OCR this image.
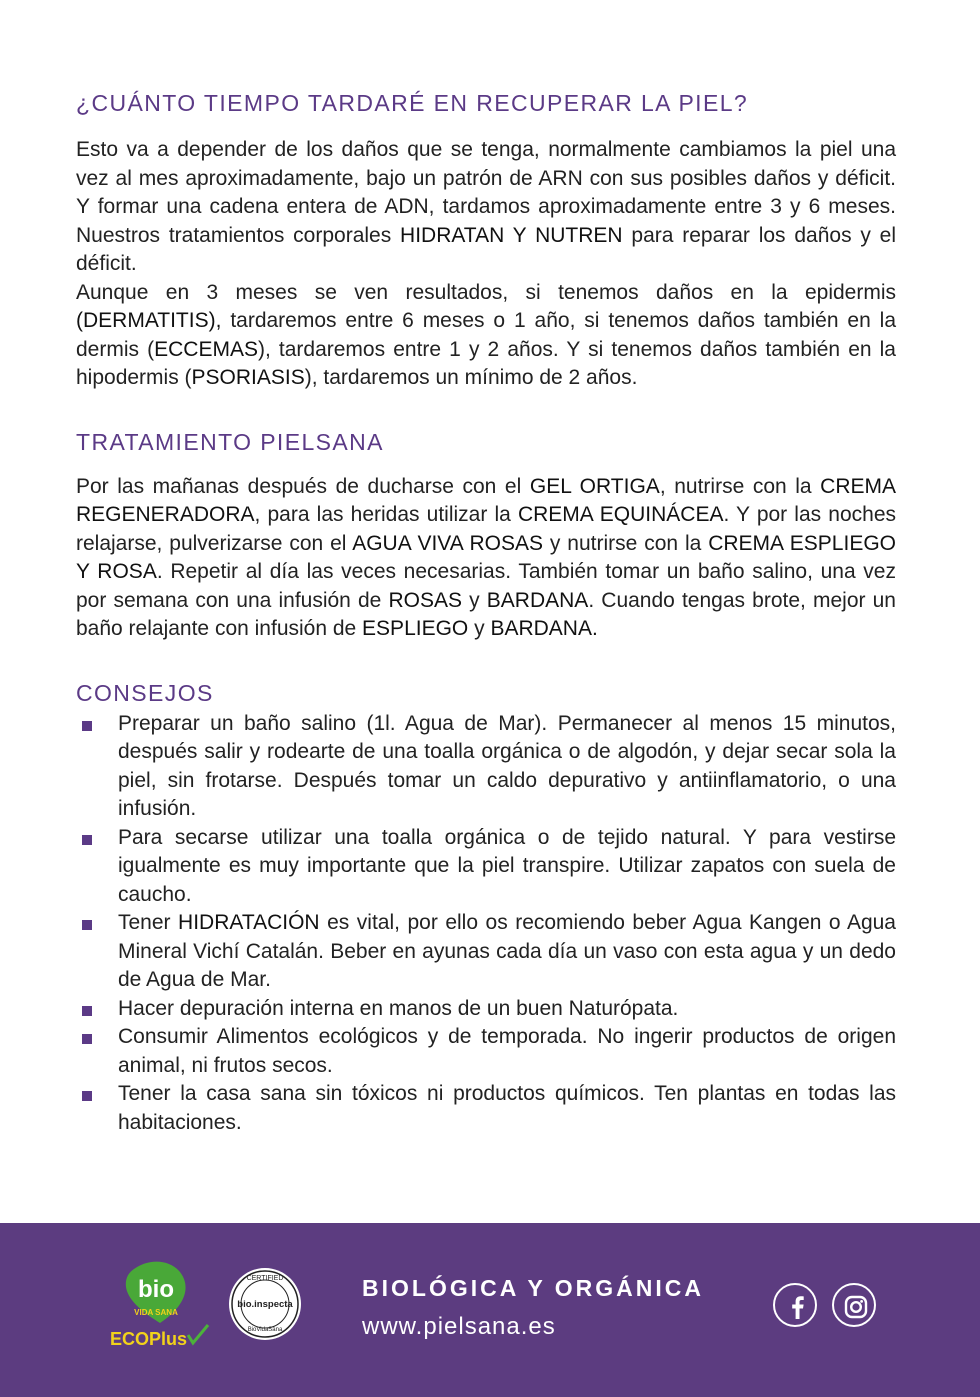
¿CUÁNTO TIEMPO TARDARÉ EN RECUPERAR LA PIEL?

Esto va a depender de los daños que se tenga, normalmente cambiamos la piel una vez al mes aproximadamente, bajo un patrón de ARN con sus posibles daños y déficit. Y formar una cadena entera de ADN, tardamos aproximadamente entre 3 y 6 meses. Nuestros tratamientos corporales HIDRATAN Y NUTREN para reparar los daños y el déficit.

Aunque en 3 meses se ven resultados, si tenemos daños en la epidermis (DERMATITIS), tardaremos entre 6 meses o 1 año, si tenemos daños también en la dermis (ECCEMAS), tardaremos entre 1 y 2 años. Y si tenemos daños también en la hipodermis (PSORIASIS), tardaremos un mínimo de 2 años.

TRATAMIENTO PIELSANA

Por las mañanas después de ducharse con el GEL ORTIGA, nutrirse con la CREMA REGENERADORA, para las heridas utilizar la CREMA EQUINÁCEA. Y por las noches relajarse, pulverizarse con el AGUA VIVA ROSAS y nutrirse con la CREMA ESPLIEGO Y ROSA. Repetir al día las veces necesarias. También tomar un baño salino, una vez por semana con una infusión de ROSAS y BARDANA. Cuando tengas brote, mejor un baño relajante con infusión de ESPLIEGO y BARDANA.

CONSEJOS
Preparar un baño salino (1l. Agua de Mar). Permanecer al menos 15 minutos, después salir y rodearte de una toalla orgánica o de algodón, y dejar secar sola la piel, sin frotarse. Después tomar un caldo depurativo y antiinflamatorio, o una infusión.
Para secarse utilizar una toalla orgánica o de tejido natural. Y para vestirse igualmente es muy importante que la piel transpire. Utilizar zapatos con suela de caucho.
Tener HIDRATACIÓN es vital, por ello os recomiendo beber Agua Kangen o Agua Mineral Vichí Catalán. Beber en ayunas cada día un vaso con esta agua y un dedo de Agua de Mar.
Hacer depuración interna en manos de un buen Naturópata.
Consumir Alimentos ecológicos y de temporada. No ingerir productos de origen animal, ni frutos secos.
Tener la casa sana sin tóxicos ni productos químicos. Ten plantas en todas las habitaciones.
bio
VIDA SANA
ECOPlus
CERTIFIED
bio.inspecta
BioVidaSana
BIOLÓGICA Y ORGÁNICA
www.pielsana.es
